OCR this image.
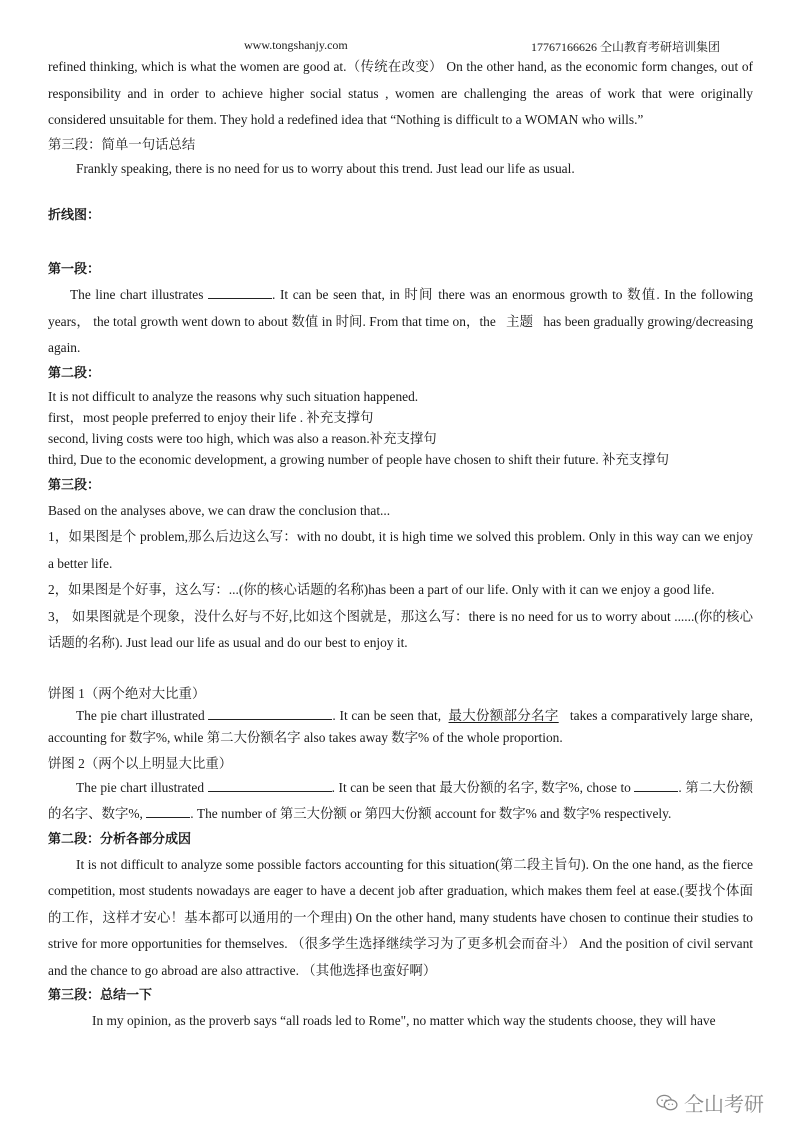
www.tongshanjy.com	17767166626 仝山教育考研培训集团

refined thinking, which is what the women are good at.（传统在改变） On the other hand, as the economic form changes, out of responsibility and in order to achieve higher social status , women are challenging the areas of work that were originally considered unsuitable for them. They hold a redefined idea that “Nothing is difficult to a WOMAN who wills.”

第三段：简单一句话总结

Frankly speaking, there is no need for us to worry about this trend. Just lead our life as usual.

折线图：

第一段：

The line chart illustrates	. It can be seen that, in 时间 there was an enormous growth to 数值. In the following years， the total growth went down to about 数值 in 时间. From that time on，the 主题 has been gradually growing/decreasing again.

第二段：

It is not difficult to analyze the reasons why such situation happened.

first，most people preferred to enjoy their life . 补充支撑句

second, living costs were too high, which was also a reason.补充支撑句

third, Due to the economic development, a growing number of people have chosen to shift their future. 补充支撑句

第三段：

Based on the analyses above, we can draw the conclusion that...

1，如果图是个 problem,那么后边这么写：with no doubt, it is high time we solved this problem. Only in this way can we enjoy a better life.

2，如果图是个好事，这么写：...(你的核心话题的名称)has been a part of our life. Only with it can we enjoy a good life.

3， 如果图就是个现象，没什么好与不好,比如这个图就是，那这么写：there is no need for us to worry about ......(你的核心话题的名称). Just lead our life as usual and do our best to enjoy it.

饼图 1（两个绝对大比重）

The pie chart illustrated	. It can be seen that, 最大份额部分名字 takes a comparatively large share, accounting for 数字%, while 第二大份额名字 also takes away 数字% of the whole proportion.

饼图 2（两个以上明显大比重）

The pie chart illustrated	. It can be seen that 最大份额的名字, 数字%, chose to	. 第二大份额的名字、数字%,	. The number of 第三大份额 or 第四大份额 account for 数字% and 数字% respectively.

第二段：分析各部分成因

It is not difficult to analyze some possible factors accounting for this situation(第二段主旨句). On the one hand, as the fierce competition, most students nowadays are eager to have a decent job after graduation, which makes them feel at ease.(要找个体面的工作，这样才安心！基本都可以通用的一个理由) On the other hand, many students have chosen to continue their studies to strive for more opportunities for themselves. （很多学生选择继续学习为了更多机会而奋斗） And the position of civil servant and the chance to go abroad are also attractive. （其他选择也蛮好啊）

第三段：总结一下

In my opinion, as the proverb says “all roads led to Rome", no matter which way the students choose, they will have

仝山考研
